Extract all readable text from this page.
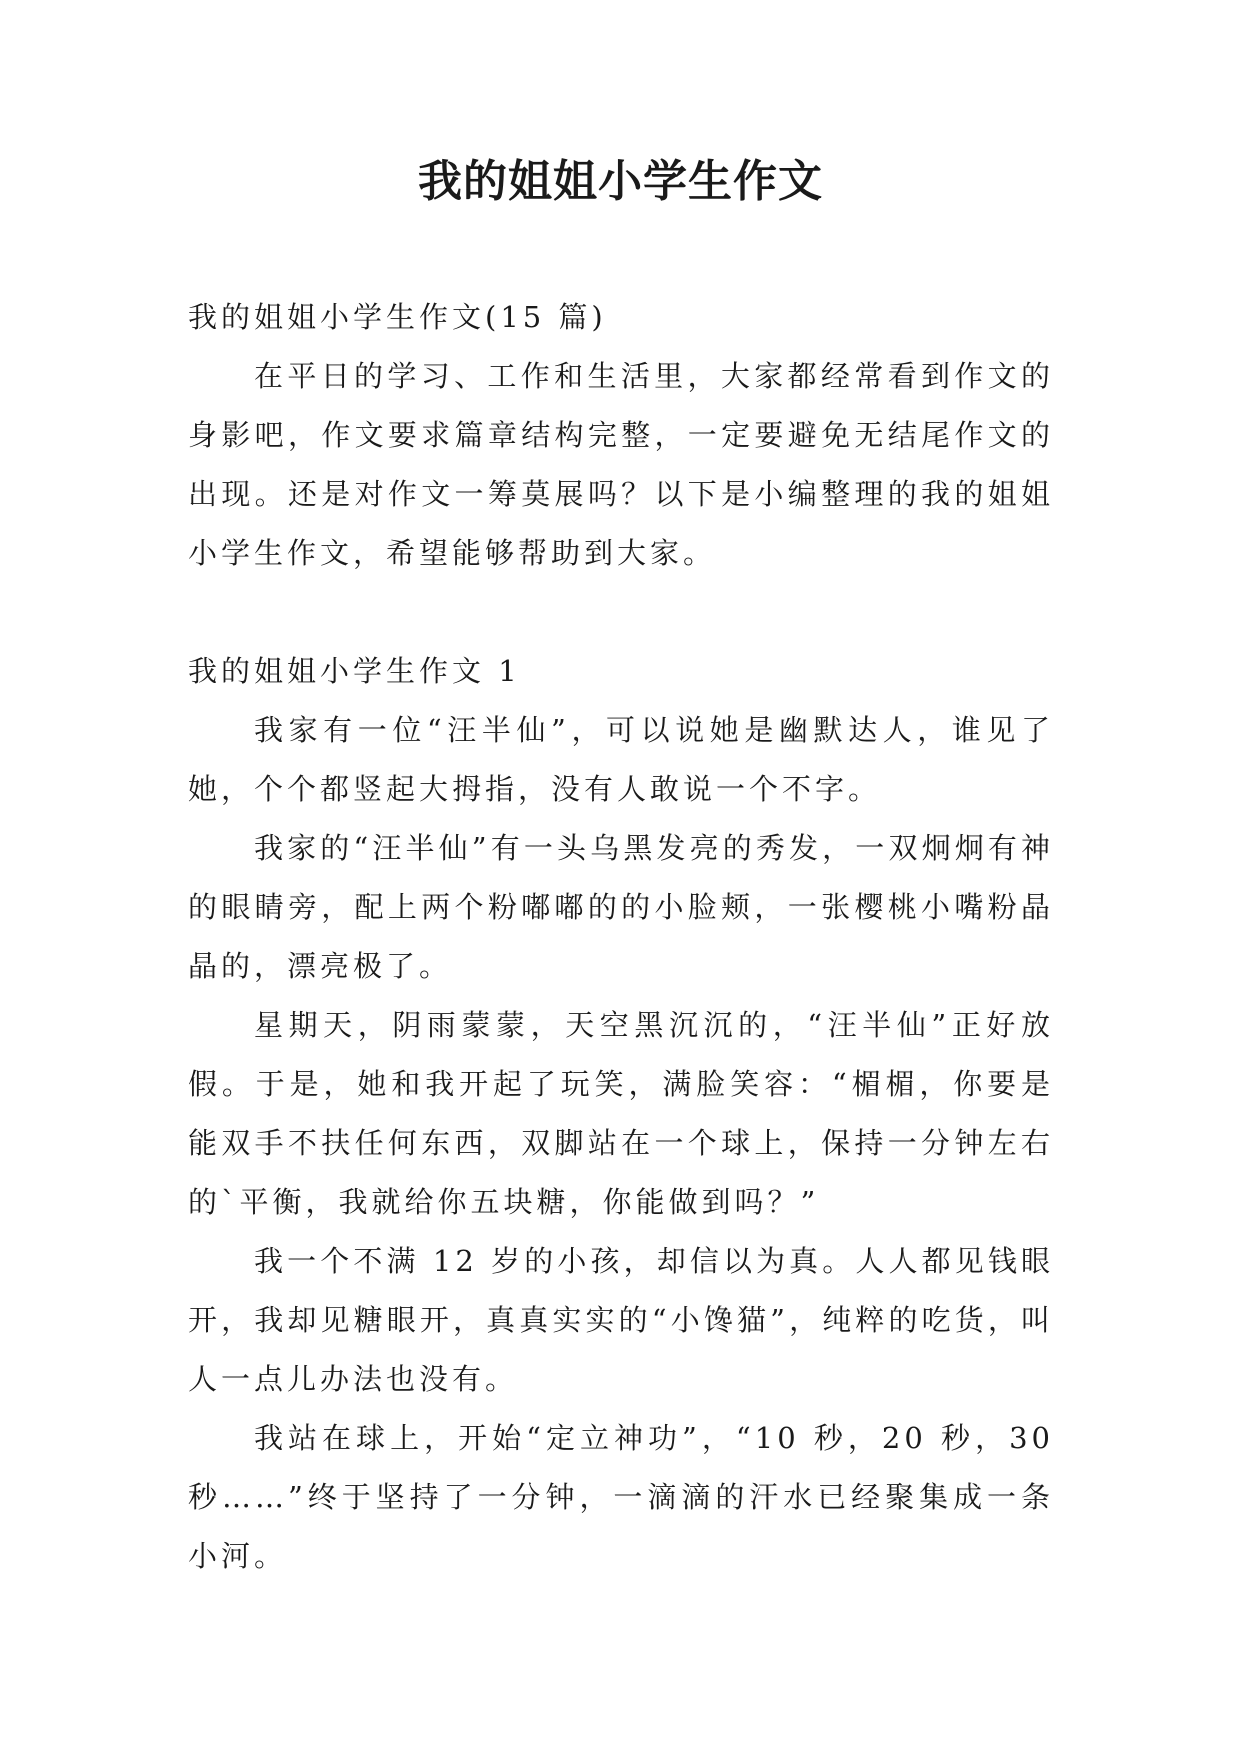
我的姐姐小学生作文

我的姐姐小学生作文(15 篇)

在平日的学习、工作和生活里，大家都经常看到作文的身影吧，作文要求篇章结构完整，一定要避免无结尾作文的出现。还是对作文一筹莫展吗？以下是小编整理的我的姐姐小学生作文，希望能够帮助到大家。

我的姐姐小学生作文 1

我家有一位“汪半仙”，可以说她是幽默达人，谁见了她，个个都竖起大拇指，没有人敢说一个不字。

我家的“汪半仙”有一头乌黑发亮的秀发，一双炯炯有神的眼睛旁，配上两个粉嘟嘟的的小脸颊，一张樱桃小嘴粉晶晶的，漂亮极了。

星期天，阴雨蒙蒙，天空黑沉沉的，“汪半仙”正好放假。于是，她和我开起了玩笑，满脸笑容：“楣楣，你要是能双手不扶任何东西，双脚站在一个球上，保持一分钟左右的`平衡，我就给你五块糖，你能做到吗？”

我一个不满 12 岁的小孩，却信以为真。人人都见钱眼开，我却见糖眼开，真真实实的“小馋猫”，纯粹的吃货，叫人一点儿办法也没有。

我站在球上，开始“定立神功”，“10 秒，20 秒，30 秒……”终于坚持了一分钟，一滴滴的汗水已经聚集成一条小河。
